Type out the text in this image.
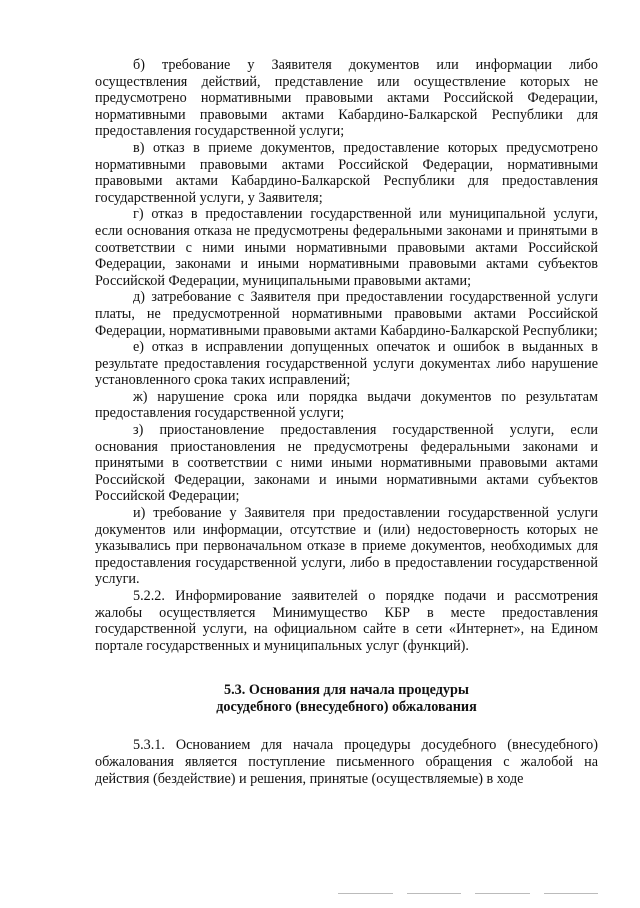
б) требование у Заявителя документов или информации либо осуществления действий, представление или осуществление которых не предусмотрено нормативными правовыми актами Российской Федерации, нормативными правовыми актами Кабардино-Балкарской Республики для предоставления государственной услуги;

в) отказ в приеме документов, предоставление которых предусмотрено нормативными правовыми актами Российской Федерации, нормативными правовыми актами Кабардино-Балкарской Республики для предоставления государственной услуги, у Заявителя;

г) отказ в предоставлении государственной или муниципальной услуги, если основания отказа не предусмотрены федеральными законами и принятыми в соответствии с ними иными нормативными правовыми актами Российской Федерации, законами и иными нормативными правовыми актами субъектов Российской Федерации, муниципальными правовыми актами;

д) затребование с Заявителя при предоставлении государственной услуги платы, не предусмотренной нормативными правовыми актами Российской Федерации, нормативными правовыми актами Кабардино-Балкарской Республики;

е) отказ в исправлении допущенных опечаток и ошибок в выданных в результате предоставления государственной услуги документах либо нарушение установленного срока таких исправлений;

ж) нарушение срока или порядка выдачи документов по результатам предоставления государственной услуги;

з) приостановление предоставления государственной услуги, если основания приостановления не предусмотрены федеральными законами и принятыми в соответствии с ними иными нормативными правовыми актами Российской Федерации, законами и иными нормативными актами субъектов Российской Федерации;

и) требование у Заявителя при предоставлении государственной услуги документов или информации, отсутствие и (или) недостоверность которых не указывались при первоначальном отказе в приеме документов, необходимых для предоставления государственной услуги, либо в предоставлении государственной услуги.

5.2.2. Информирование заявителей о порядке подачи и рассмотрения жалобы осуществляется Минимущество КБР в месте предоставления государственной услуги, на официальном сайте в сети «Интернет», на Едином портале государственных и муниципальных услуг (функций).

5.3. Основания для начала процедуры
досудебного (внесудебного) обжалования

5.3.1. Основанием для начала процедуры досудебного (внесудебного) обжалования является поступление письменного обращения с жалобой на действия (бездействие) и решения, принятые (осуществляемые) в ходе
